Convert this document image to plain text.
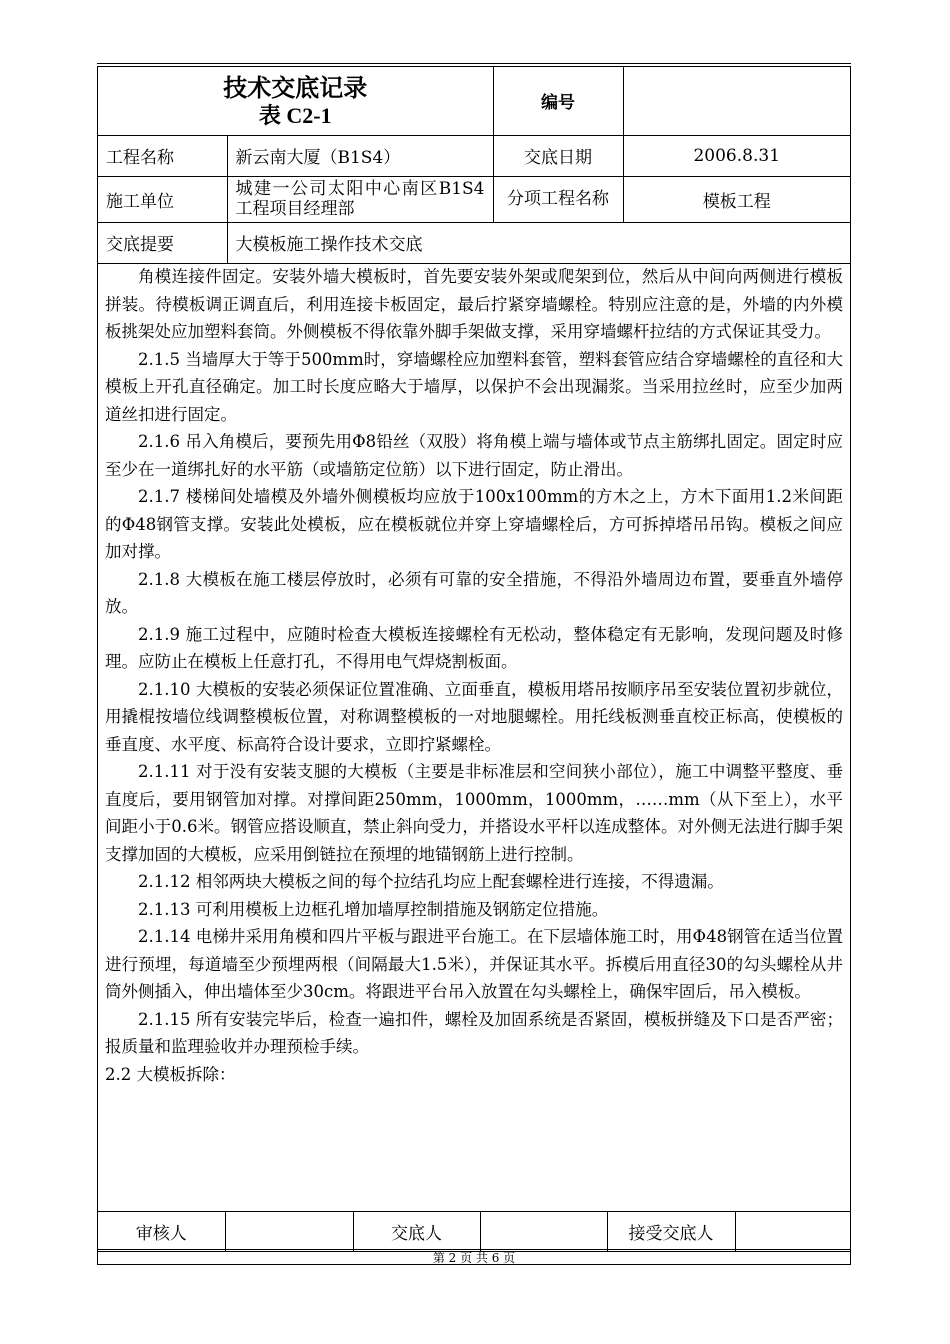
技术交底记录
表 C2-1		编号	
工程名称	新云南大厦（B1S4）	交底日期	2006.8.31
施工单位	城建一公司太阳中心南区B1S4工程项目经理部	分项工程名称	模板工程
交底提要	大模板施工操作技术交底		

角模连接件固定。安装外墙大模板时，首先要安装外架或爬架到位，然后从中间向两侧进行模板拼装。待模板调正调直后，利用连接卡板固定，最后拧紧穿墙螺栓。特别应注意的是，外墙的内外模板挑架处应加塑料套筒。外侧模板不得依靠外脚手架做支撑，采用穿墙螺杆拉结的方式保证其受力。

2.1.5 当墙厚大于等于500mm时，穿墙螺栓应加塑料套管，塑料套管应结合穿墙螺栓的直径和大模板上开孔直径确定。加工时长度应略大于墙厚，以保护不会出现漏浆。当采用拉丝时，应至少加两道丝扣进行固定。

2.1.6 吊入角模后，要预先用Φ8铅丝（双股）将角模上端与墙体或节点主筋绑扎固定。固定时应至少在一道绑扎好的水平筋（或墙筋定位筋）以下进行固定，防止滑出。

2.1.7 楼梯间处墙模及外墙外侧模板均应放于100x100mm的方木之上，方木下面用1.2米间距的Φ48钢管支撑。安装此处模板，应在模板就位并穿上穿墙螺栓后，方可拆掉塔吊吊钩。模板之间应加对撑。

2.1.8 大模板在施工楼层停放时，必须有可靠的安全措施，不得沿外墙周边布置，要垂直外墙停放。

2.1.9 施工过程中，应随时检查大模板连接螺栓有无松动，整体稳定有无影响，发现问题及时修理。应防止在模板上任意打孔，不得用电气焊烧割板面。

2.1.10 大模板的安装必须保证位置准确、立面垂直，模板用塔吊按顺序吊至安装位置初步就位，用撬棍按墙位线调整模板位置，对称调整模板的一对地腿螺栓。用托线板测垂直校正标高，使模板的垂直度、水平度、标高符合设计要求，立即拧紧螺栓。

2.1.11 对于没有安装支腿的大模板（主要是非标准层和空间狭小部位），施工中调整平整度、垂直度后，要用钢管加对撑。对撑间距250mm，1000mm，1000mm，……mm（从下至上），水平间距小于0.6米。钢管应搭设顺直，禁止斜向受力，并搭设水平杆以连成整体。对外侧无法进行脚手架支撑加固的大模板，应采用倒链拉在预埋的地锚钢筋上进行控制。

2.1.12 相邻两块大模板之间的每个拉结孔均应上配套螺栓进行连接，不得遗漏。

2.1.13 可利用模板上边框孔增加墙厚控制措施及钢筋定位措施。

2.1.14 电梯井采用角模和四片平板与跟进平台施工。在下层墙体施工时，用Φ48钢管在适当位置进行预埋，每道墙至少预埋两根（间隔最大1.5米），并保证其水平。拆模后用直径30的勾头螺栓从井筒外侧插入，伸出墙体至少30cm。将跟进平台吊入放置在勾头螺栓上，确保牢固后，吊入模板。

2.1.15 所有安装完毕后，检查一遍扣件，螺栓及加固系统是否紧固，模板拼缝及下口是否严密；报质量和监理验收并办理预检手续。

2.2 大模板拆除：

审核人		交底人		接受交底人	
第 2 页 共 6 页
